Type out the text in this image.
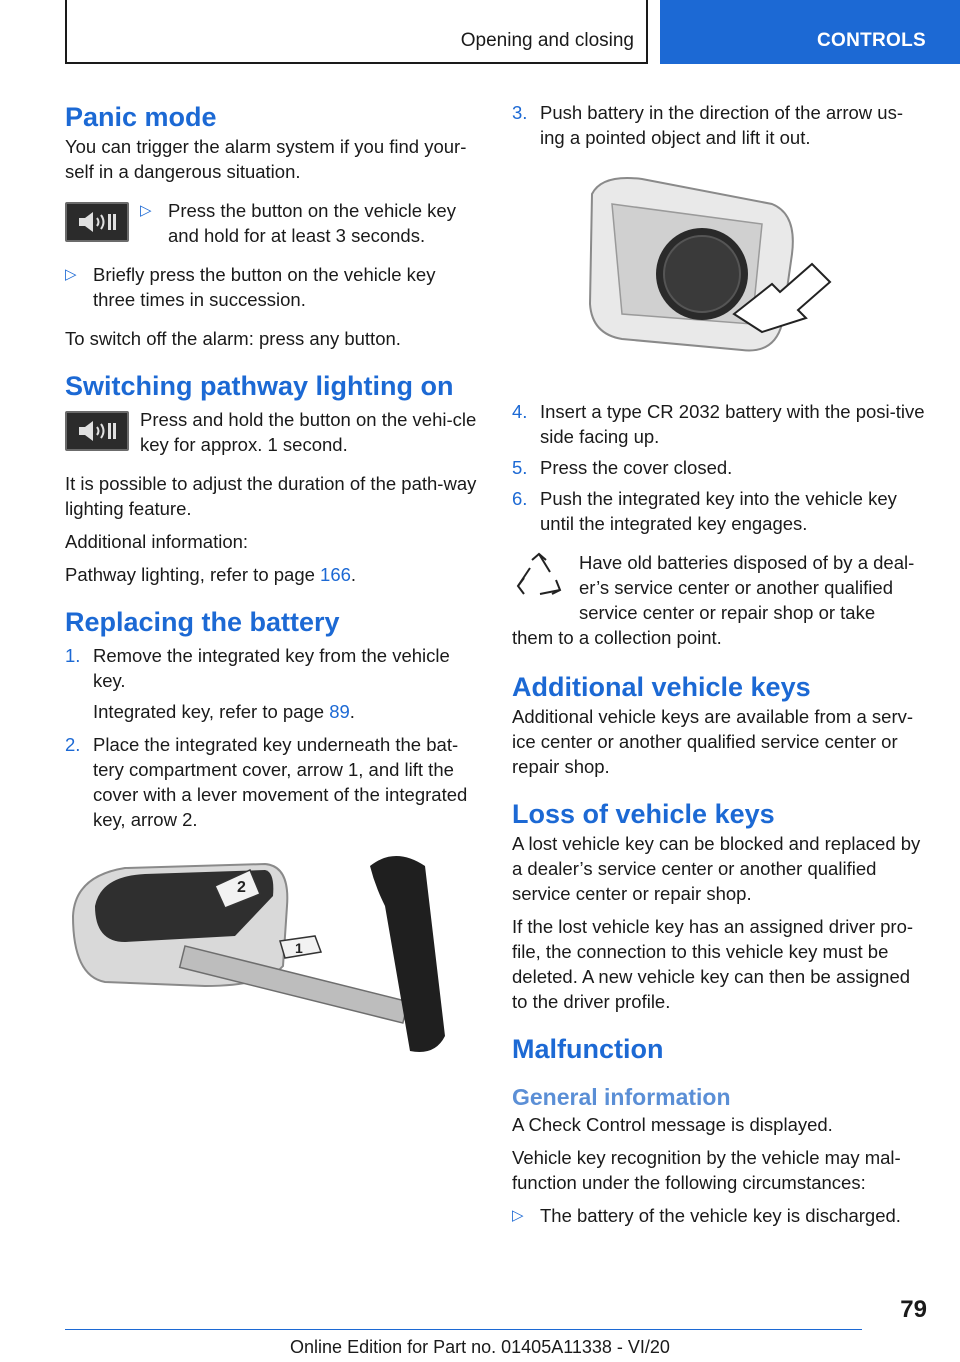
Opening and closing	CONTROLS
Panic mode

You can trigger the alarm system if you find your-self in a dangerous situation.

▷ Press the button on the vehicle key and hold for at least 3 seconds.

▷ Briefly press the button on the vehicle key three times in succession.

To switch off the alarm: press any button.

Switching pathway lighting on

Press and hold the button on the vehi-cle key for approx. 1 second.

It is possible to adjust the duration of the path-way lighting feature.

Additional information:

Pathway lighting, refer to page 166.

Replacing the battery
1. Remove the integrated key from the vehicle key.

Integrated key, refer to page 89.

2. Place the integrated key underneath the bat-tery compartment cover, arrow 1, and lift the cover with a lever movement of the integrated key, arrow 2.

2
1
3. Push battery in the direction of the arrow us-ing a pointed object and lift it out.

4. Insert a type CR 2032 battery with the posi-tive side facing up.

5. Press the cover closed.

6. Push the integrated key into the vehicle key until the integrated key engages.

Have old batteries disposed of by a deal-er’s service center or another qualified service center or repair shop or take

them to a collection point.

Additional vehicle keys

Additional vehicle keys are available from a serv-ice center or another qualified service center or repair shop.

Loss of vehicle keys

A lost vehicle key can be blocked and replaced by a dealer’s service center or another qualified service center or repair shop.

If the lost vehicle key has an assigned driver pro-file, the connection to this vehicle key must be deleted. A new vehicle key can then be assigned to the driver profile.

Malfunction
General information

A Check Control message is displayed.

Vehicle key recognition by the vehicle may mal-function under the following circumstances:

▷ The battery of the vehicle key is discharged.

79
Online Edition for Part no. 01405A11338 - VI/20
